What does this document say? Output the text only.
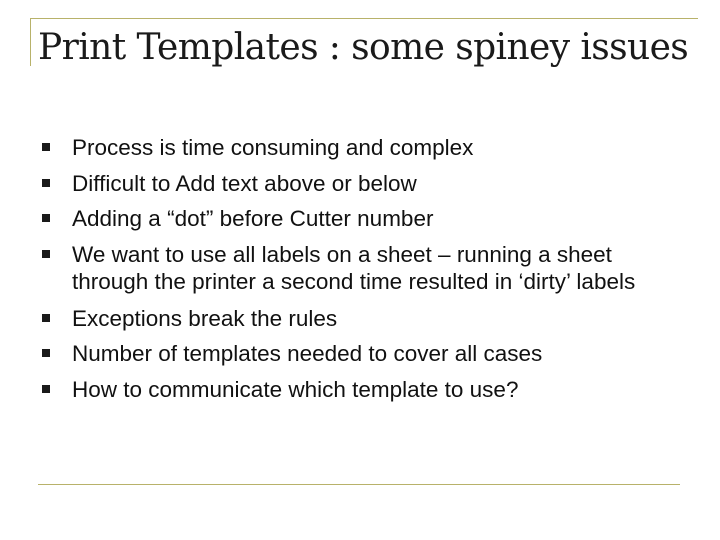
Print Templates : some spiney issues
Process is time consuming and complex
Difficult to Add text above or below
Adding a “dot” before Cutter number
We want to use all labels on a sheet – running a sheet through the printer a second time resulted in ‘dirty’ labels
Exceptions break the rules
Number of templates needed to cover all cases
How to communicate which template to use?
